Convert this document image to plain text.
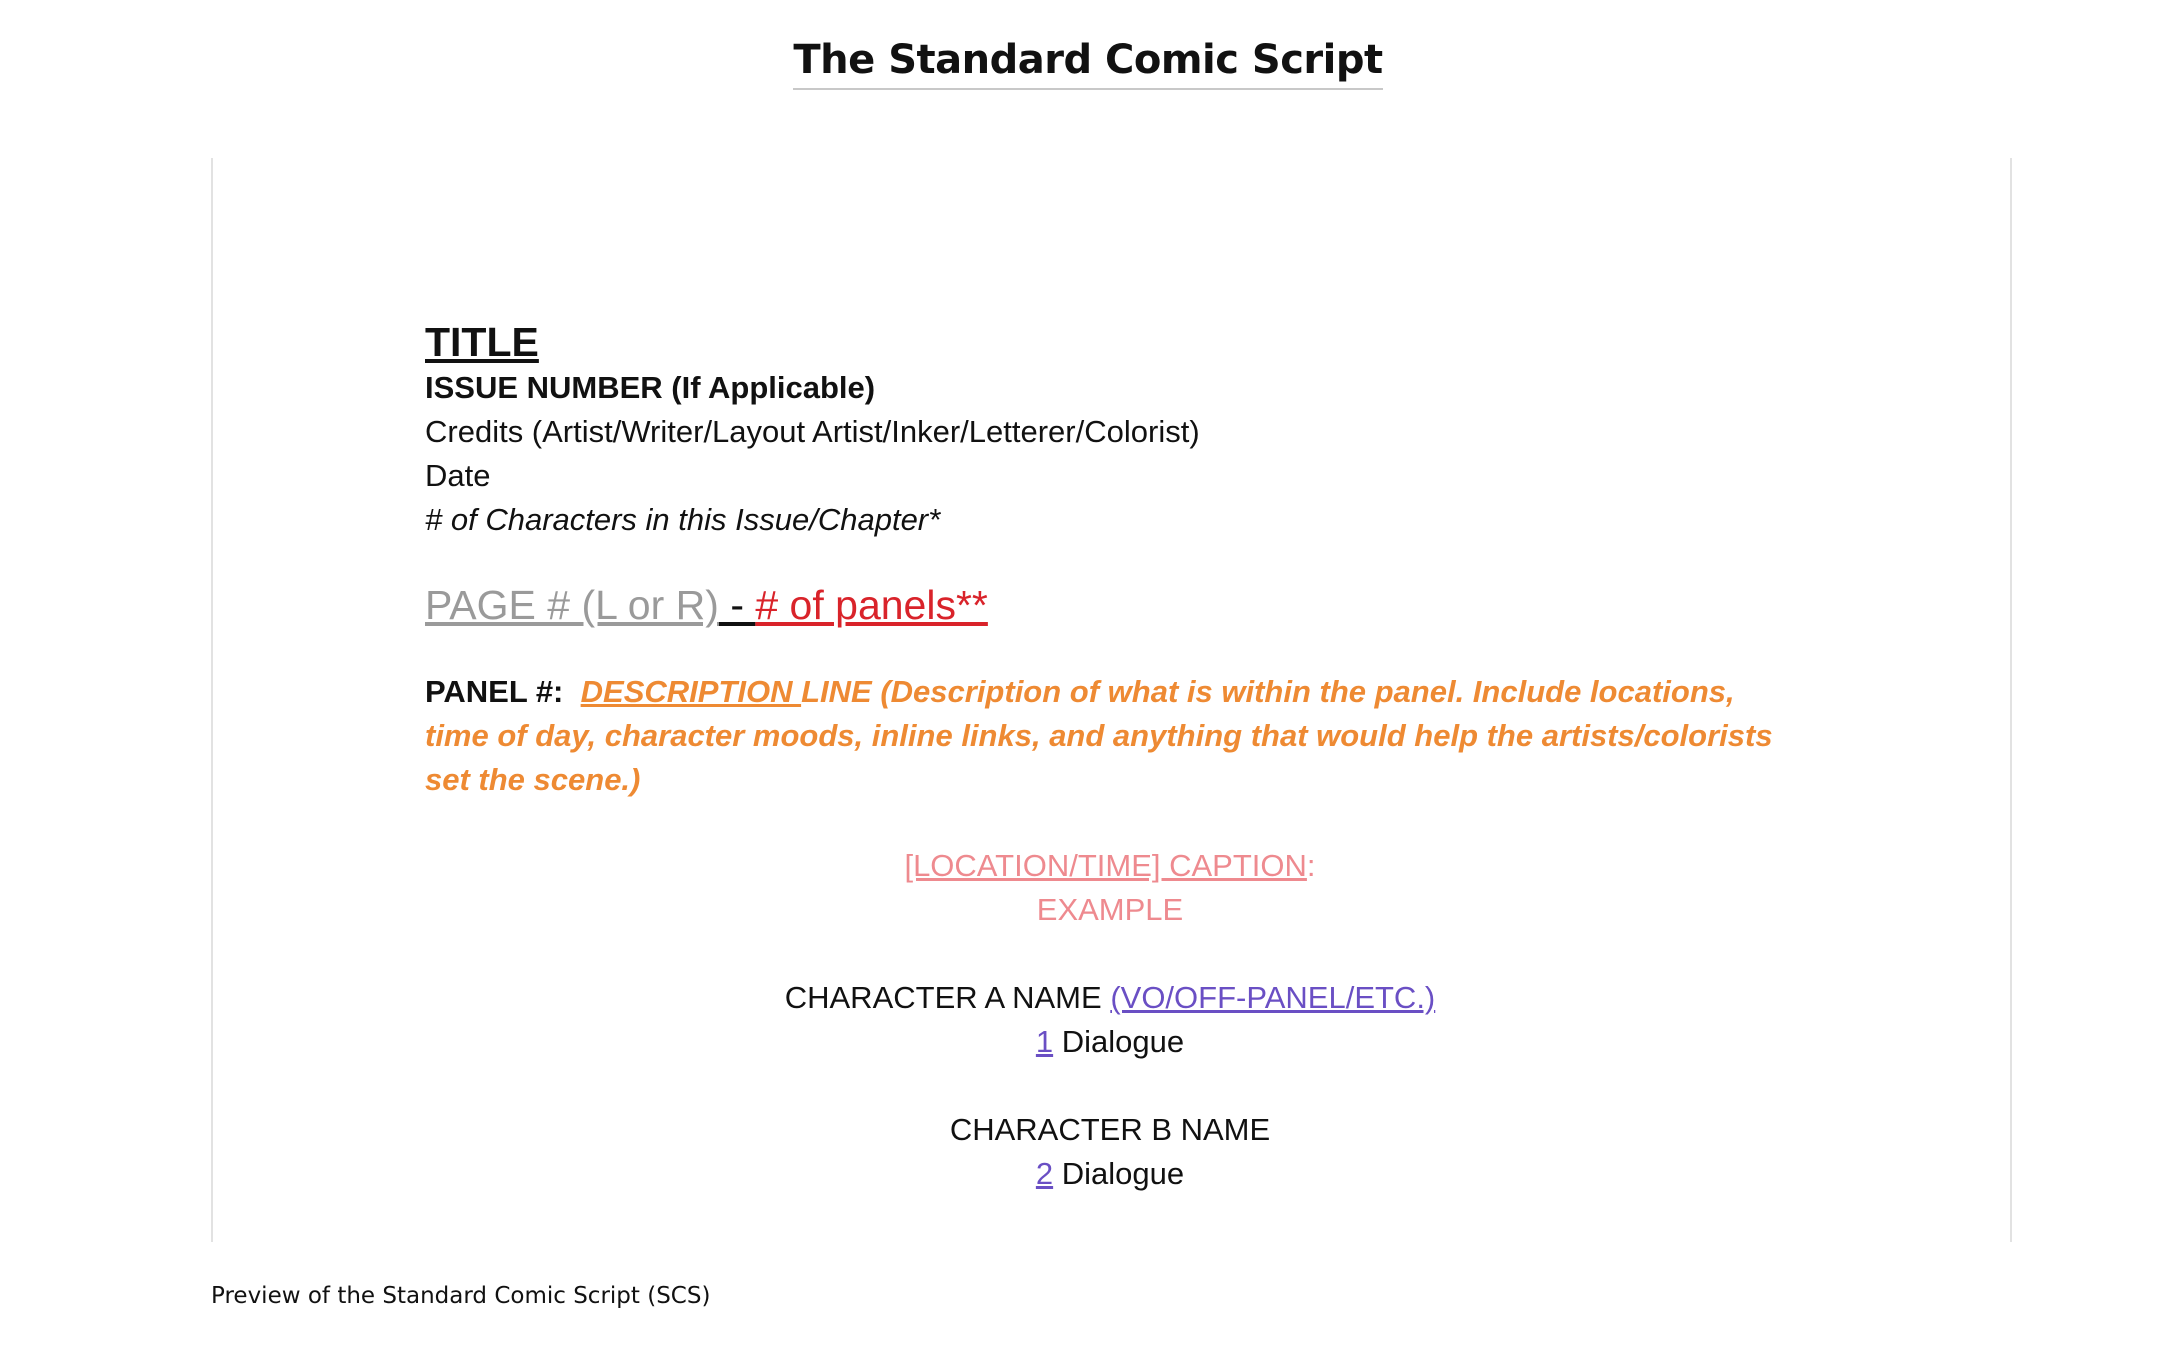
The Standard Comic Script
TITLE
ISSUE NUMBER (If Applicable)
Credits (Artist/Writer/Layout Artist/Inker/Letterer/Colorist)
Date
# of Characters in this Issue/Chapter*
PAGE # (L or R) - # of panels**
PANEL #: DESCRIPTION LINE (Description of what is within the panel. Include locations, time of day, character moods, inline links, and anything that would help the artists/colorists set the scene.)
[LOCATION/TIME] CAPTION:
EXAMPLE
CHARACTER A NAME (VO/OFF-PANEL/ETC.)
1 Dialogue
CHARACTER B NAME
2 Dialogue
Preview of the Standard Comic Script (SCS)
